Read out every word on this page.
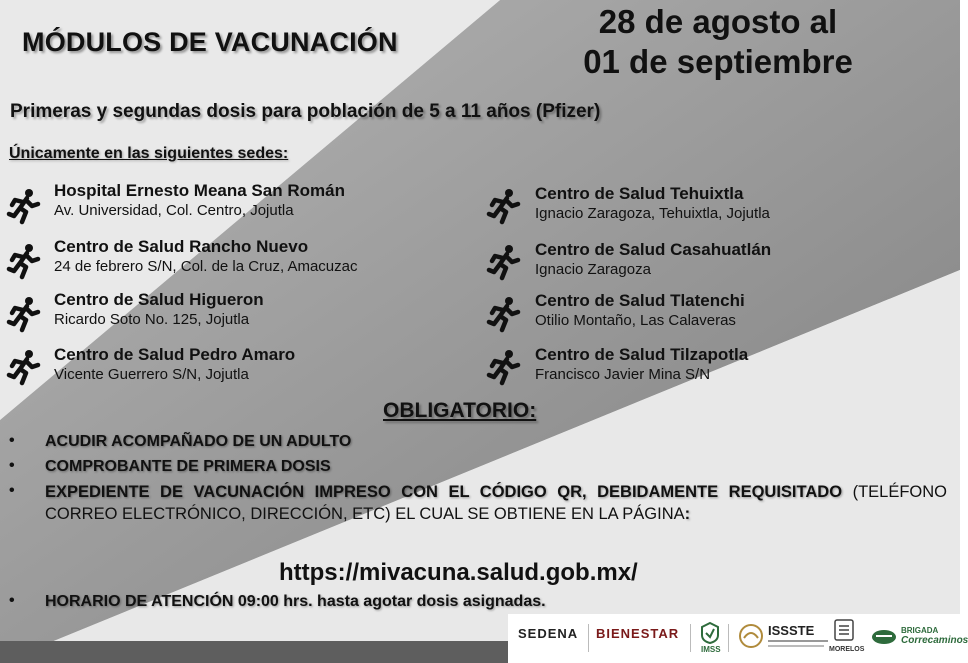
MÓDULOS DE VACUNACIÓN
28 de agosto al
01 de septiembre
Primeras y segundas dosis para población de 5 a 11 años (Pfizer)
Únicamente en las siguientes sedes:
Hospital Ernesto Meana San Román
Av. Universidad, Col. Centro, Jojutla
Centro de Salud Rancho Nuevo
24 de febrero S/N, Col. de la Cruz, Amacuzac
Centro de Salud Higueron
Ricardo Soto No. 125, Jojutla
Centro de Salud Pedro Amaro
Vicente Guerrero S/N, Jojutla
Centro de Salud Tehuixtla
Ignacio Zaragoza, Tehuixtla, Jojutla
Centro de Salud Casahuatlán
Ignacio Zaragoza
Centro de Salud Tlatenchi
Otilio Montaño, Las Calaveras
Centro de Salud Tilzapotla
Francisco Javier Mina S/N
OBLIGATORIO:
• ACUDIR ACOMPAÑADO DE UN ADULTO
• COMPROBANTE DE PRIMERA DOSIS
• EXPEDIENTE DE VACUNACIÓN IMPRESO CON EL CÓDIGO QR, DEBIDAMENTE REQUISITADO (TELÉFONO CORREO ELECTRÓNICO, DIRECCIÓN, ETC) EL CUAL SE OBTIENE EN LA PÁGINA:
https://mivacuna.salud.gob.mx/
• HORARIO DE ATENCIÓN 09:00 hrs. hasta agotar dosis asignadas.
SEDENA BIENESTAR
IMSS
ISSSTE
MORELOS
BRIGADA
Correcaminos
